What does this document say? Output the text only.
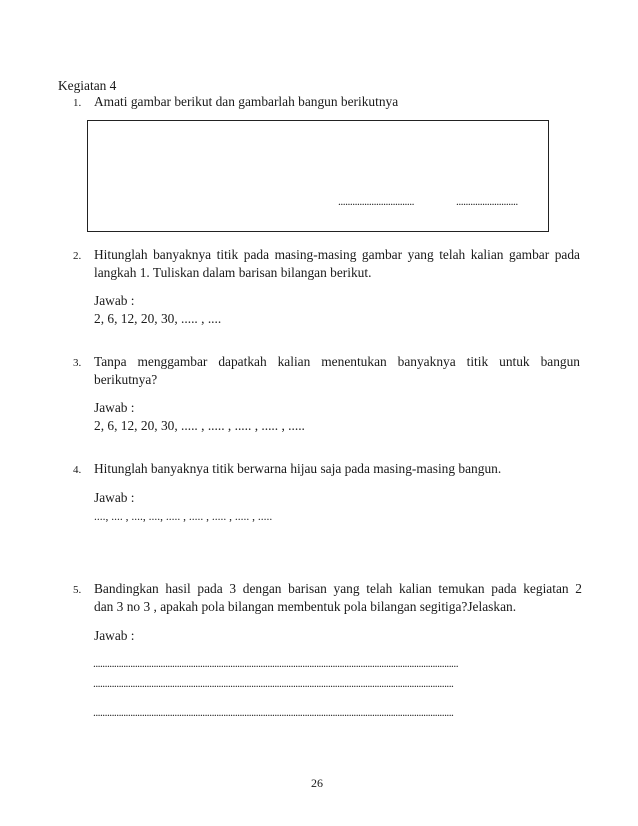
Kegiatan 4
1. Amati gambar berikut dan gambarlah bangun berikutnya
................................	..........................
2. Hitunglah banyaknya titik pada masing-masing gambar yang telah kalian gambar pada
langkah 1. Tuliskan dalam barisan bilangan berikut.
Jawab :
2, 6, 12, 20, 30, ..... , ....
3. Tanpa menggambar dapatkah kalian menentukan banyaknya titik untuk bangun
berikutnya?
Jawab :
2, 6, 12, 20, 30, ..... , ..... , ..... , ..... , .....
4. Hitunglah banyaknya titik berwarna hijau saja pada masing-masing bangun.
Jawab :
...., .... , ...., ...., ..... , ..... , ..... , ..... , .....
5. Bandingkan hasil pada 3 dengan barisan yang telah kalian temukan pada kegiatan 2
dan 3 no 3 , apakah pola bilangan membentuk pola bilangan segitiga?Jelaskan.
Jawab :
.............................................................................................................................................................
...........................................................................................................................................................
...........................................................................................................................................................
26
